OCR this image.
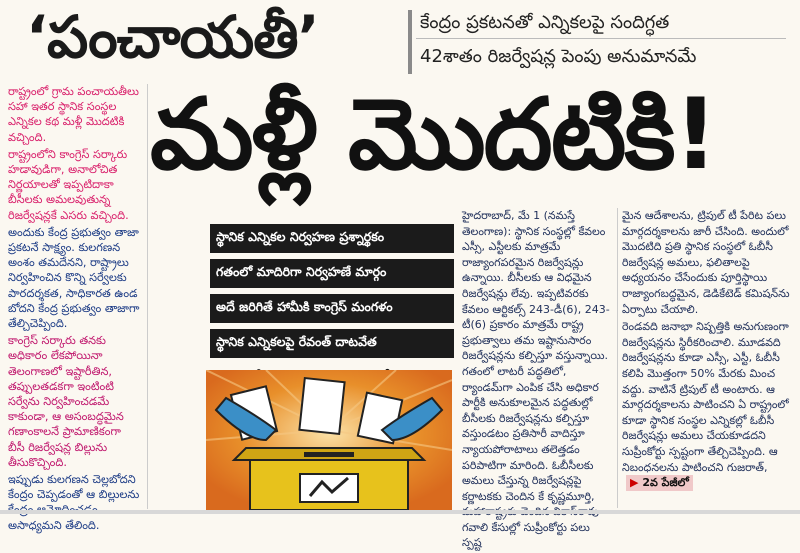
‘పంచాయతీ’	కేంద్రం ప్రకటనతో ఎన్నికలపై సందిగ్ధత
42శాతం రిజర్వేషన్ల పెంపు అనుమానమే
మళ్లీ మొదటికి!

రాష్ట్రంలో గ్రామ పంచాయతీలు సహా ఇతర స్థానిక సంస్థల ఎన్నికల కథ మళ్లీ మొదటికి వచ్చింది.

రాష్ట్రంలోని కాంగ్రెస్ సర్కారు హడావుడిగా, అనాలోచిత నిర్ణయాలతో ఇప్పటిదాకా బీసీలకు అమలవుతున్న రిజర్వేషన్లకే ఎసరు వచ్చింది.

అందుకు కేంద్ర ప్రభుత్వం తాజా ప్రకటనే సాక్ష్యం. కులగణన అంశం తమదేనని, రాష్ట్రాలు నిర్వహించిన కొన్ని సర్వేలకు పారదర్శకత, సాధికారత ఉండ బోదని కేంద్ర ప్రభుత్వం తాజాగా తేల్చిచెప్పింది.

కాంగ్రెస్ సర్కారు తనకు అధికారం లేకపోయినా తెలంగాణలో ఇష్టారీతిన, తప్పులతడకగా ఇంటింటి సర్వేను నిర్వహించడమే కాకుండా, ఆ అసంబద్ధమైన గణాంకాలనే ప్రామాణికంగా బీసీ రిజర్వేషన్ల బిల్లును తీసుకొచ్చింది.

ఇప్పుడు కులగణన చెల్లబోదని కేంద్రం చెప్పడంతో ఆ బిల్లులను అసాధ్యమని తేలింది.

స్థానిక ఎన్నికల నిర్వహణ ప్రశ్నార్థకం
గతంలో మాదిరిగా నిర్వహణే మార్గం
అదే జరిగితే హామీకి కాంగ్రెస్ మంగళం
స్థానిక ఎన్నికలపై రేవంత్ దాటవేత

హైదరాబాద్, మే 1 (నమస్తే తెలంగాణ): స్థానిక సంస్థల్లో కేవలం ఎస్సీ, ఎస్టీలకు మాత్రమే రాజ్యాంగపరమైన రిజర్వేషన్లు ఉన్నాయి. బీసీలకు ఆ విధమైన రిజర్వేషన్లు లేవు. ఇప్పటివరకు కేవలం ఆర్టికల్స్ 243-డీ(6), 243-టీ(6) ప్రకారం మాత్రమే రాష్ట్ర ప్రభుత్వాలు తమ ఇష్టానుసారం రిజర్వేషన్లను కల్పిస్తూ వస్తున్నాయి. గతంలో లాటరీ పద్ధతిలో, ర్యాండమ్‌గా ఎంపిక చేసి అధికార పార్టీకి అనుకూలమైన పద్ధతుల్లో బీసీలకు రిజర్వేషన్లను కల్పిస్తూ వస్తుండటం ప్రతిసారీ వాదిస్తూ న్యాయపోరాటాలు తలెత్తడం పరిపాటిగా మారింది. ఓబీసీలకు అమలు చేస్తున్న రిజర్వేషన్లపై కర్ణాటకకు చెందిన కే కృష్ణమూర్తి, గవాలి కేసుల్లో సుప్రీంకోర్టు పలు స్పష్ట

మైన ఆదేశాలను, ట్రిపుల్ టీ పేరిట పలు మార్గదర్శకాలను జారీ చేసింది. అందులో మొదటిది ప్రతి స్థానిక సంస్థలో ఓబీసీ రిజర్వేషన్ల అమలు, ఫలితాలపై అధ్యయనం చేసేందుకు పూర్తిస్థాయి రాజ్యాంగబద్ధమైన, డెడికేటెడ్ కమిషన్‌ను ఏర్పాటు చేయాలి.

రెండవది జనాభా నిష్పత్తికి అనుగుణంగా రిజర్వేషన్లను స్థిరీకరించాలి. మూడవది రిజర్వేషన్లను కూడా ఎస్సీ, ఎస్టీ, ఓబీసీ కలిపి మొత్తంగా 50% మేరకు మించ వద్దు. వాటినే ట్రిపుల్ టీ అంటారు. ఆ మార్గదర్శకాలను పాటించని ఏ రాష్ట్రంలో కూడా స్థానిక సంస్థల ఎన్నికల్లో ఓబీసీ రిజర్వేషన్లు అమలు చేయకూడదని సుప్రీంకోర్టు స్పష్టంగా తేల్చిచెప్పింది. ఆ నిబంధనలను పాటించని గుజరాత్,▶ 2వ పేజీలో
